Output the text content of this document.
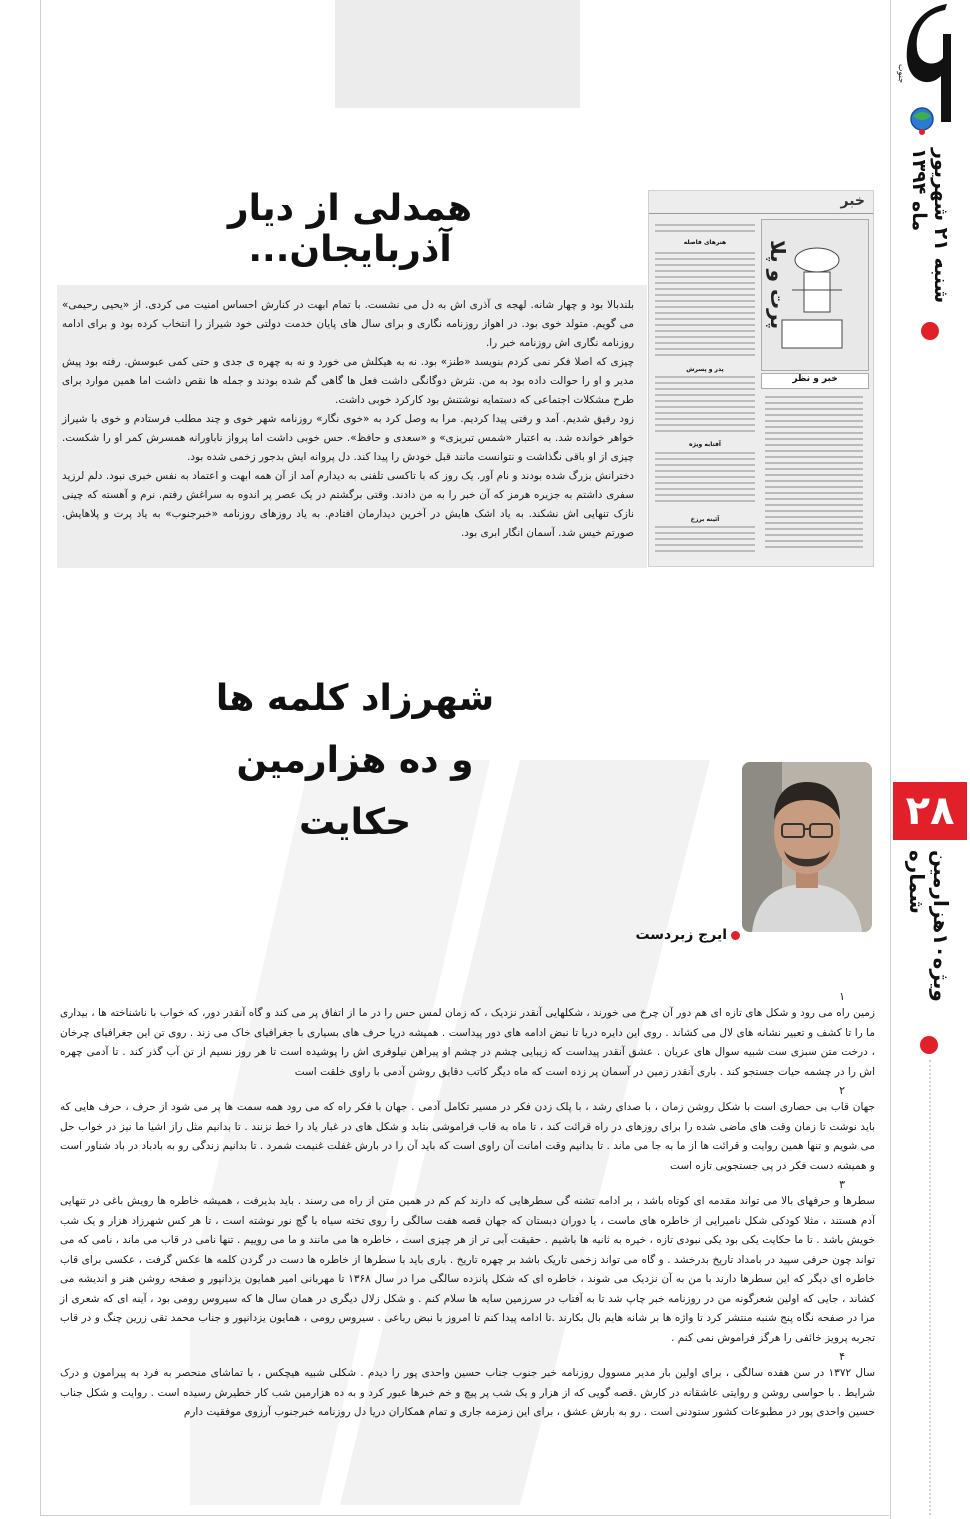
جنوب
شنبه ۲۱ شهریور ماه ۱۳۹۴
۲۸
ویژه۱۰هزارمین شماره
همدلی از دیار آذربایجان...

بلندبالا بود و چهار شانه. لهجه ی آذری اش به دل می نشست. با تمام ابهت در کنارش احساس امنیت می کردی. از «یحیی رحیمی» می گویم. متولد خوی بود. در اهواز روزنامه نگاری و برای سال های پایان خدمت دولتی خود شیراز را انتخاب کرده بود و برای ادامه روزنامه نگاری اش روزنامه خبر را.

چیزی که اصلا فکر نمی کردم بنویسد «طنز» بود. نه به هیکلش می خورد و نه به چهره ی جدی و حتی کمی عبوسش. رفته بود پیش مدیر و او را حوالت داده بود به من. نثرش دوگانگی داشت فعل ها گاهی گم شده بودند و جمله ها نقص داشت اما همین موارد برای طرح مشکلات اجتماعی که دستمایه نوشتنش بود کارکرد خوبی داشت.

زود رفیق شدیم. آمد و رفتی پیدا کردیم. مرا به وصل کرد به «خوی نگار» روزنامه شهر خوی و چند مطلب فرستادم و خوی با شیراز خواهر خوانده شد. به اعتبار «شمس تبریزی» و «سعدی و حافظ». حس خوبی داشت اما پرواز ناباورانه همسرش کمر او را شکست. چیزی از او باقی نگذاشت و نتوانست مانند قبل خودش را پیدا کند. دل پروانه ایش بدجور زخمی شده بود.

دخترانش بزرگ شده بودند و نام آور. یک روز که با تاکسی تلفنی به دیدارم آمد از آن همه ابهت و اعتماد به نفس خبری نبود. دلم لرزید سفری داشتم به جزیره هرمز که آن خبر را به من دادند. وقتی برگشتم در یک عصر پر اندوه به سراغش رفتم. نرم و آهسته که چینی نازک تنهایی اش نشکند. به یاد اشک هایش در آخرین دیدارمان افتادم. به یاد روزهای روزنامه «خبرجنوب» به یاد پرت و پلاهایش. صورتم خیس شد. آسمان انگار ابری بود.

خبر
پرت و پلا
خبر و نظر
هنرهای فاصله
پدر و پسرش
آفتابه ویژه
آئینه برزخ
شهرزاد کلمه ها
و ده هزارمین حکایت
ایرج زبردست
۱

زمین راه می رود و شکل های تازه ای هم دور آن چرخ می خورند ، شکلهایی آنقدر نزدیک ، که زمان لمس حس را در ما از اتفاق پر می کند و گاه آنقدر دور، که خواب با ناشناخته ها ، بیداری ما را تا کشف و تعبیر نشانه های لال می کشاند . روی این دایره دریا تا نبض ادامه های دور پیداست . همیشه دریا حرف های بسیاری با جغرافیای خاک می زند . روی تن این جغرافیای چرخان ، درخت متن سبزی ست شبیه سوال های عریان . عشق آنقدر پیداست که زیبایی چشم در چشم او پیراهن نیلوفری اش را پوشیده است تا هر روز نسیم از تن آب گذر کند . تا آدمی چهره اش را در چشمه حیات جستجو کند . باری آنقدر زمین در آسمان پر زده است که ماه دیگر کاتب دقایق روشن آدمی با راوی خلقت است

۲

جهان قاب بی حصاری است با شکل روشن زمان ، با صدای رشد ، با پلک زدن فکر در مسیر تکامل آدمی . جهان با فکر راه که می رود همه سمت ها پر می شود از حرف ، حرف هایی که باید نوشت تا زمان وقت های ماضی شده را برای روزهای در راه قرائت کند ، تا ماه به قاب فراموشی بتابد و شکل های در غبار یاد را خط نزنند . تا بدانیم مثل راز اشیا ما نیز در خواب حل می شویم و تنها همین روایت و قرائت ها از ما به جا می ماند . تا بدانیم وقت امانت آن راوی است که باید آن را در بارش غفلت غنیمت شمرد . تا بدانیم زندگی رو به بادباد در باد شناور است و همیشه دست فکر در پی جستجویی تازه است

۳

سطرها و حرفهای بالا می تواند مقدمه ای کوتاه باشد ، بر ادامه تشنه گی سطرهایی که دارند کم کم در همین متن از راه می رسند . باید بذیرفت ، همیشه خاطره ها رویش باغی در تنهایی آدم هستند ، مثلا کودکی شکل نامیرایی از خاطره های ماست ، یا دوران دبستان که جهان قصه هفت سالگی را روی تخته سیاه با گچ نور نوشته است ، تا هر کس شهرزاد هزار و یک شب خویش باشد . تا ما حکایت یکی بود یکی نبودی تازه ، خیره به ثانیه ها باشیم . حقیقت آبی تر از هر چیزی است ، خاطره ها می مانند و ما می روییم . تنها نامی در قاب می ماند ، نامی که می تواند چون حرفی سپید در بامداد تاریخ بدرخشد . و گاه می تواند زخمی تاریک باشد بر چهره تاریخ . باری باید با سطرها از خاطره ها دست در گردن کلمه ها عکس گرفت ، عکسی برای قاب خاطره ای دیگر که این سطرها دارند با من به آن نزدیک می شوند ، خاطره ای که شکل پانزده سالگی مرا در سال ۱۳۶۸ تا مهربانی امیر همایون یزدانپور و صفحه روشن هنر و اندیشه می کشاند ، جایی که اولین شعرگونه من در روزنامه خبر چاپ شد تا به آفتاب در سرزمین سایه ها سلام کنم . و شکل زلال دیگری در همان سال ها که سیروس رومی بود ، آینه ای که شعری از مرا در صفحه نگاه پنج شنبه منتشر کرد تا واژه ها بر شانه هایم بال بکارند .تا ادامه پیدا کنم تا امروز با نبض رباعی . سیروس رومی ، همایون یزدانپور و جناب محمد تقی زرین چنگ و در قاب تجربه پرویز خائفی را هرگز فراموش نمی کنم .

۴

سال ۱۳۷۲ در سن هفده سالگی ، برای اولین بار مدیر مسوول روزنامه خبر جنوب جناب حسین واحدی پور را دیدم . شکلی شبیه هیچکس ، با تماشای منحصر به فرد به پیرامون و درک شرایط . با حواسی روشن و روایتی عاشقانه در کارش .قصه گویی که از هزار و یک شب پر پیچ و خم خبرها عبور کرد و به ده هزارمین شب کار خطیرش رسیده است . روایت و شکل جناب حسین واحدی پور در مطبوعات کشور ستودنی است . رو به بارش عشق ، برای این زمزمه جاری و تمام همکاران دریا دل روزنامه خبرجنوب آرزوی موفقیت دارم
